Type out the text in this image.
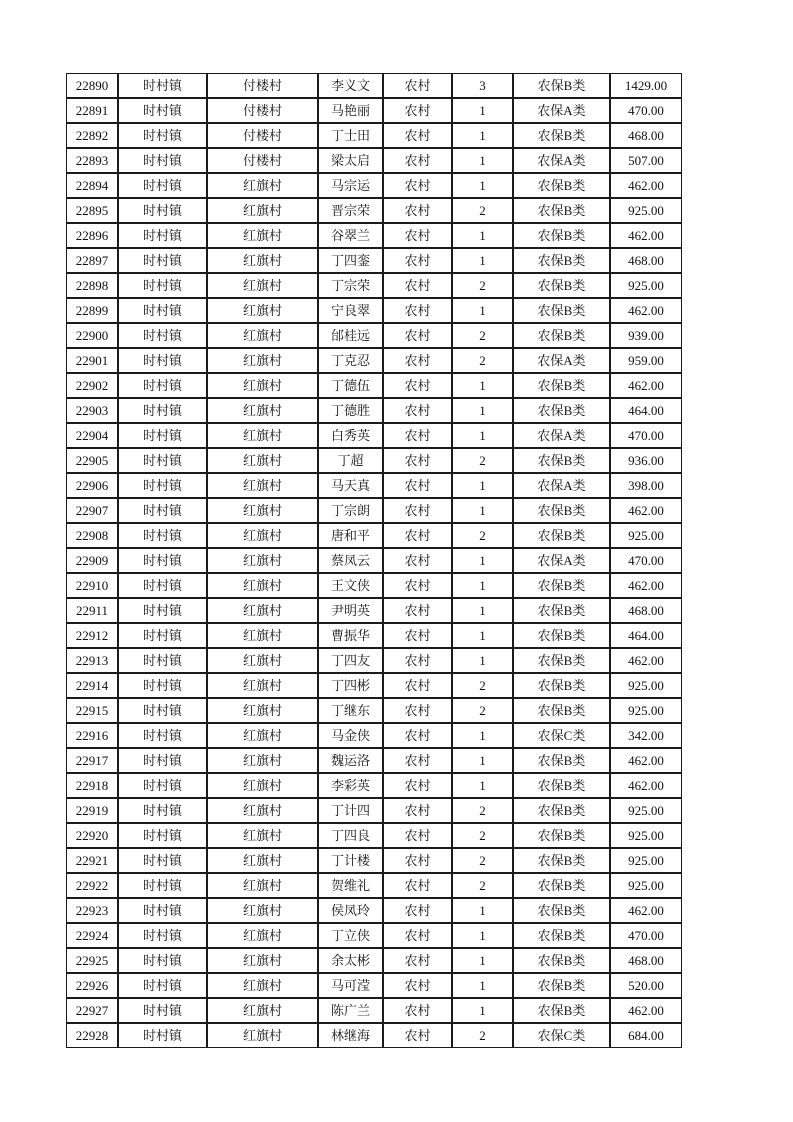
22890	时村镇	付楼村	李义文	农村	3	农保B类	1429.00
22891	时村镇	付楼村	马艳丽	农村	1	农保A类	470.00
22892	时村镇	付楼村	丁士田	农村	1	农保B类	468.00
22893	时村镇	付楼村	梁太启	农村	1	农保A类	507.00
22894	时村镇	红旗村	马宗运	农村	1	农保B类	462.00
22895	时村镇	红旗村	晋宗荣	农村	2	农保B类	925.00
22896	时村镇	红旗村	谷翠兰	农村	1	农保B类	462.00
22897	时村镇	红旗村	丁四銮	农村	1	农保B类	468.00
22898	时村镇	红旗村	丁宗荣	农村	2	农保B类	925.00
22899	时村镇	红旗村	宁良翠	农村	1	农保B类	462.00
22900	时村镇	红旗村	邰桂远	农村	2	农保B类	939.00
22901	时村镇	红旗村	丁克忍	农村	2	农保A类	959.00
22902	时村镇	红旗村	丁德伍	农村	1	农保B类	462.00
22903	时村镇	红旗村	丁德胜	农村	1	农保B类	464.00
22904	时村镇	红旗村	白秀英	农村	1	农保A类	470.00
22905	时村镇	红旗村	丁超	农村	2	农保B类	936.00
22906	时村镇	红旗村	马天真	农村	1	农保A类	398.00
22907	时村镇	红旗村	丁宗朗	农村	1	农保B类	462.00
22908	时村镇	红旗村	唐和平	农村	2	农保B类	925.00
22909	时村镇	红旗村	蔡凤云	农村	1	农保A类	470.00
22910	时村镇	红旗村	王文侠	农村	1	农保B类	462.00
22911	时村镇	红旗村	尹明英	农村	1	农保B类	468.00
22912	时村镇	红旗村	曹振华	农村	1	农保B类	464.00
22913	时村镇	红旗村	丁四友	农村	1	农保B类	462.00
22914	时村镇	红旗村	丁四彬	农村	2	农保B类	925.00
22915	时村镇	红旗村	丁继东	农村	2	农保B类	925.00
22916	时村镇	红旗村	马金侠	农村	1	农保C类	342.00
22917	时村镇	红旗村	魏运洛	农村	1	农保B类	462.00
22918	时村镇	红旗村	李彩英	农村	1	农保B类	462.00
22919	时村镇	红旗村	丁计四	农村	2	农保B类	925.00
22920	时村镇	红旗村	丁四良	农村	2	农保B类	925.00
22921	时村镇	红旗村	丁计楼	农村	2	农保B类	925.00
22922	时村镇	红旗村	贺维礼	农村	2	农保B类	925.00
22923	时村镇	红旗村	侯凤玲	农村	1	农保B类	462.00
22924	时村镇	红旗村	丁立侠	农村	1	农保B类	470.00
22925	时村镇	红旗村	余太彬	农村	1	农保B类	468.00
22926	时村镇	红旗村	马可滢	农村	1	农保B类	520.00
22927	时村镇	红旗村	陈广兰	农村	1	农保B类	462.00
22928	时村镇	红旗村	林继海	农村	2	农保C类	684.00
